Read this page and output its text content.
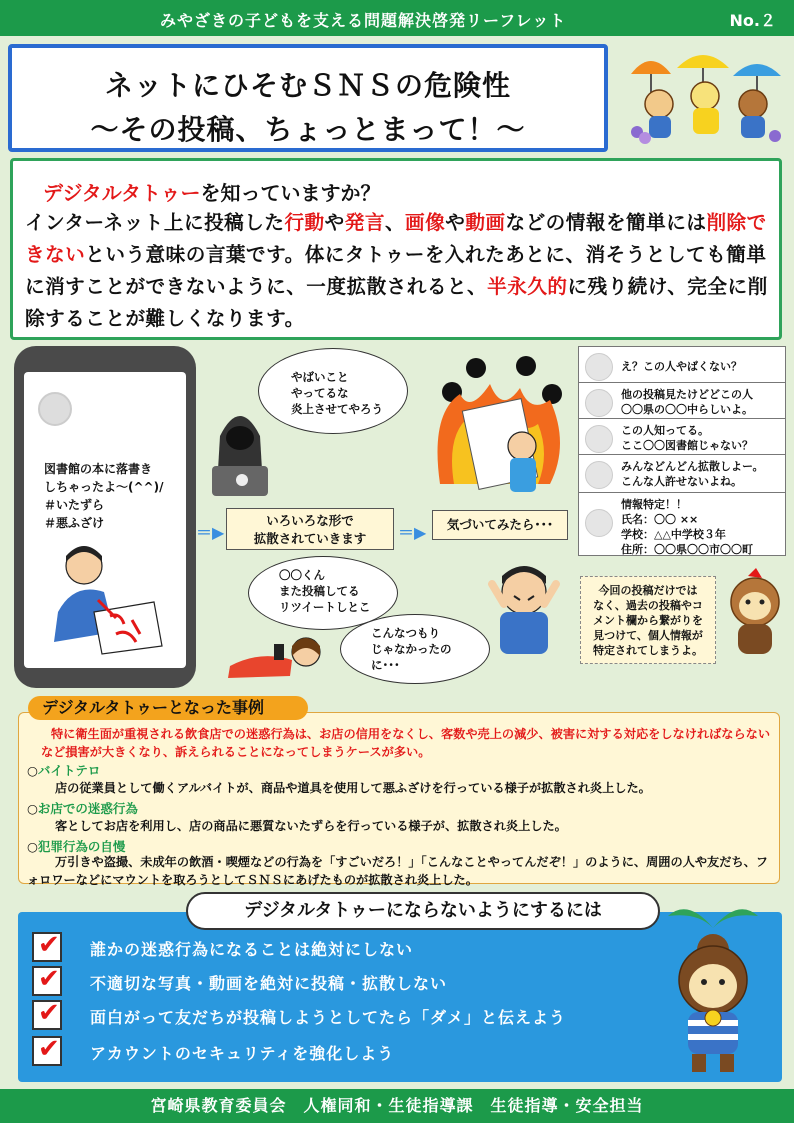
みやざきの子どもを支える問題解決啓発リーフレット	No.２
ネットにひそむＳＮＳの危険性
〜その投稿、ちょっとまって！〜
デジタルタトゥーを知っていますか？
インターネット上に投稿した行動や発言、画像や動画などの情報を簡単には削除できないという意味の言葉です。体にタトゥーを入れたあとに、消そうとしても簡単に消すことができないように、一度拡散されると、半永久的に残り続け、完全に削除することが難しくなります。
図書館の本に落書き
しちゃったよ〜(^^)/
＃いたずら
＃悪ふざけ

やばいこと
やってるな
炎上させてやろう

え？この人やばくない？
他の投稿見たけどどこの人
〇〇県の〇〇中らしいよ。
この人知ってる。
ここ〇〇図書館じゃない？
みんなどんどん拡散しよー。
こんな人許せないよね。
情報特定！！
氏名：〇〇 ××
学校：△△中学校３年
住所：〇〇県〇〇市〇〇町
＝▶
いろいろな形で
拡散されていきます	＝▶	気づいてみたら･･･

〇〇くん
また投稿してる
リツイートしとこ

こんなつもり
じゃなかったの
に･･･

今回の投稿だけでは
なく、過去の投稿やコ
メント欄から繋がりを
見つけて、個人情報が
特定されてしまうよ。
特に衛生面が重視される飲食店での迷惑行為は、お店の信用をなくし、客数や売上の減少、被害に対する対応をしなければならないなど損害が大きくなり、訴えられることになってしまうケースが多い。
○バイトテロ
店の従業員として働くアルバイトが、商品や道具を使用して悪ふざけを行っている様子が拡散され炎上した。
○お店での迷惑行為
客としてお店を利用し、店の商品に悪質ないたずらを行っている様子が、拡散され炎上した。
○犯罪行為の自慢
万引きや盗撮、未成年の飲酒・喫煙などの行為を「すごいだろ！」「こんなことやってんだぞ！」のように、周囲の人や友だち、フォロワーなどにマウントを取ろうとしてＳＮＳにあげたものが拡散され炎上した。
デジタルタトゥーとなった事例
✔ 誰かの迷惑行為になることは絶対にしない
✔ 不適切な写真・動画を絶対に投稿・拡散しない
✔ 面白がって友だちが投稿しようとしてたら「ダメ」と伝えよう
✔ アカウントのセキュリティを強化しよう
デジタルタトゥーにならないようにするには
宮崎県教育委員会　人権同和・生徒指導課　生徒指導・安全担当
